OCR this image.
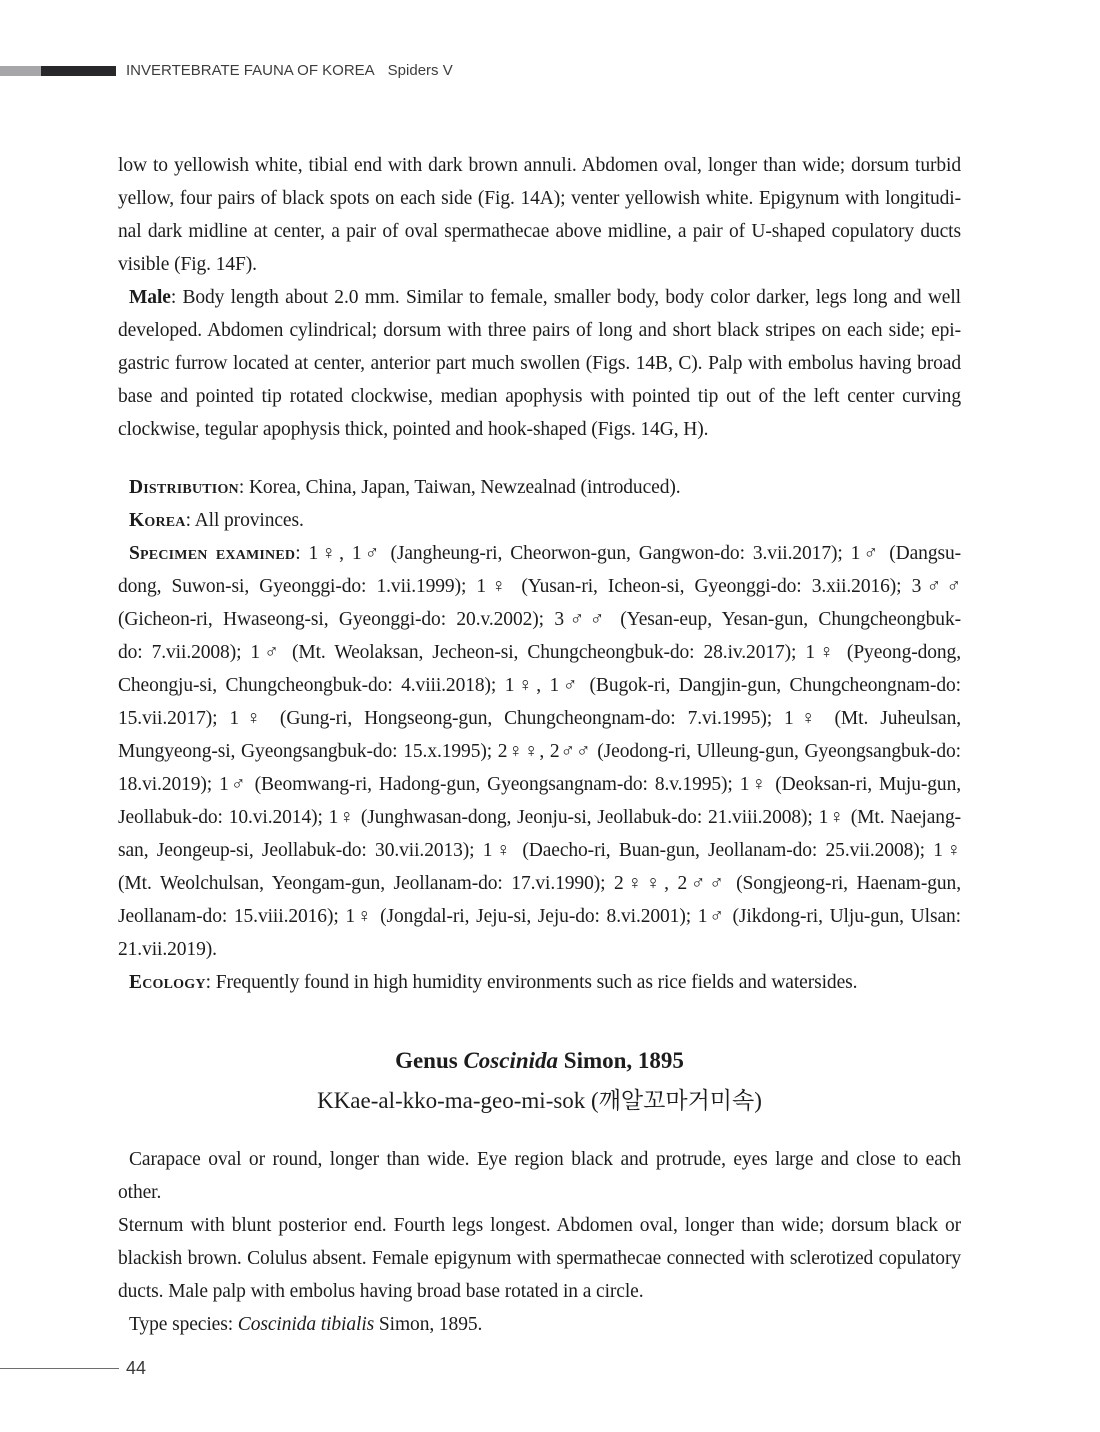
INVERTEBRATE FAUNA OF KOREA Spiders V
low to yellowish white, tibial end with dark brown annuli. Abdomen oval, longer than wide; dorsum turbid
yellow, four pairs of black spots on each side (Fig. 14A); venter yellowish white. Epigynum with longitudi-
nal dark midline at center, a pair of oval spermathecae above midline, a pair of U-shaped copulatory ducts
visible (Fig. 14F).
Male: Body length about 2.0 mm. Similar to female, smaller body, body color darker, legs long and well
developed. Abdomen cylindrical; dorsum with three pairs of long and short black stripes on each side; epi-
gastric furrow located at center, anterior part much swollen (Figs. 14B, C). Palp with embolus having broad
base and pointed tip rotated clockwise, median apophysis with pointed tip out of the left center curving
clockwise, tegular apophysis thick, pointed and hook-shaped (Figs. 14G, H).
Distribution: Korea, China, Japan, Taiwan, Newzealnad (introduced).
Korea: All provinces.
Specimen examined: 1♀, 1♂ (Jangheung-ri, Cheorwon-gun, Gangwon-do: 3.vii.2017); 1♂ (Dangsu-
dong, Suwon-si, Gyeonggi-do: 1.vii.1999); 1♀ (Yusan-ri, Icheon-si, Gyeonggi-do: 3.xii.2016); 3♂♂
(Gicheon-ri, Hwaseong-si, Gyeonggi-do: 20.v.2002); 3♂♂ (Yesan-eup, Yesan-gun, Chungcheongbuk-
do: 7.vii.2008); 1♂ (Mt. Weolaksan, Jecheon-si, Chungcheongbuk-do: 28.iv.2017); 1♀ (Pyeong-dong,
Cheongju-si, Chungcheongbuk-do: 4.viii.2018); 1♀, 1♂ (Bugok-ri, Dangjin-gun, Chungcheongnam-do:
15.vii.2017); 1♀ (Gung-ri, Hongseong-gun, Chungcheongnam-do: 7.vi.1995); 1♀ (Mt. Juheulsan,
Mungyeong-si, Gyeongsangbuk-do: 15.x.1995); 2♀♀, 2♂♂ (Jeodong-ri, Ulleung-gun, Gyeongsangbuk-do:
18.vi.2019); 1♂ (Beomwang-ri, Hadong-gun, Gyeongsangnam-do: 8.v.1995); 1♀ (Deoksan-ri, Muju-gun,
Jeollabuk-do: 10.vi.2014); 1♀ (Junghwasan-dong, Jeonju-si, Jeollabuk-do: 21.viii.2008); 1♀ (Mt. Naejang-
san, Jeongeup-si, Jeollabuk-do: 30.vii.2013); 1♀ (Daecho-ri, Buan-gun, Jeollanam-do: 25.vii.2008); 1♀
(Mt. Weolchulsan, Yeongam-gun, Jeollanam-do: 17.vi.1990); 2♀♀, 2♂♂ (Songjeong-ri, Haenam-gun,
Jeollanam-do: 15.viii.2016); 1♀ (Jongdal-ri, Jeju-si, Jeju-do: 8.vi.2001); 1♂ (Jikdong-ri, Ulju-gun, Ulsan:
21.vii.2019).
Ecology: Frequently found in high humidity environments such as rice fields and watersides.
Genus Coscinida Simon, 1895
KKae-al-kko-ma-geo-mi-sok (깨알꼬마거미속)
Carapace oval or round, longer than wide. Eye region black and protrude, eyes large and close to each other.
Sternum with blunt posterior end. Fourth legs longest. Abdomen oval, longer than wide; dorsum black or
blackish brown. Colulus absent. Female epigynum with spermathecae connected with sclerotized copulatory
ducts. Male palp with embolus having broad base rotated in a circle.
Type species: Coscinida tibialis Simon, 1895.
44
